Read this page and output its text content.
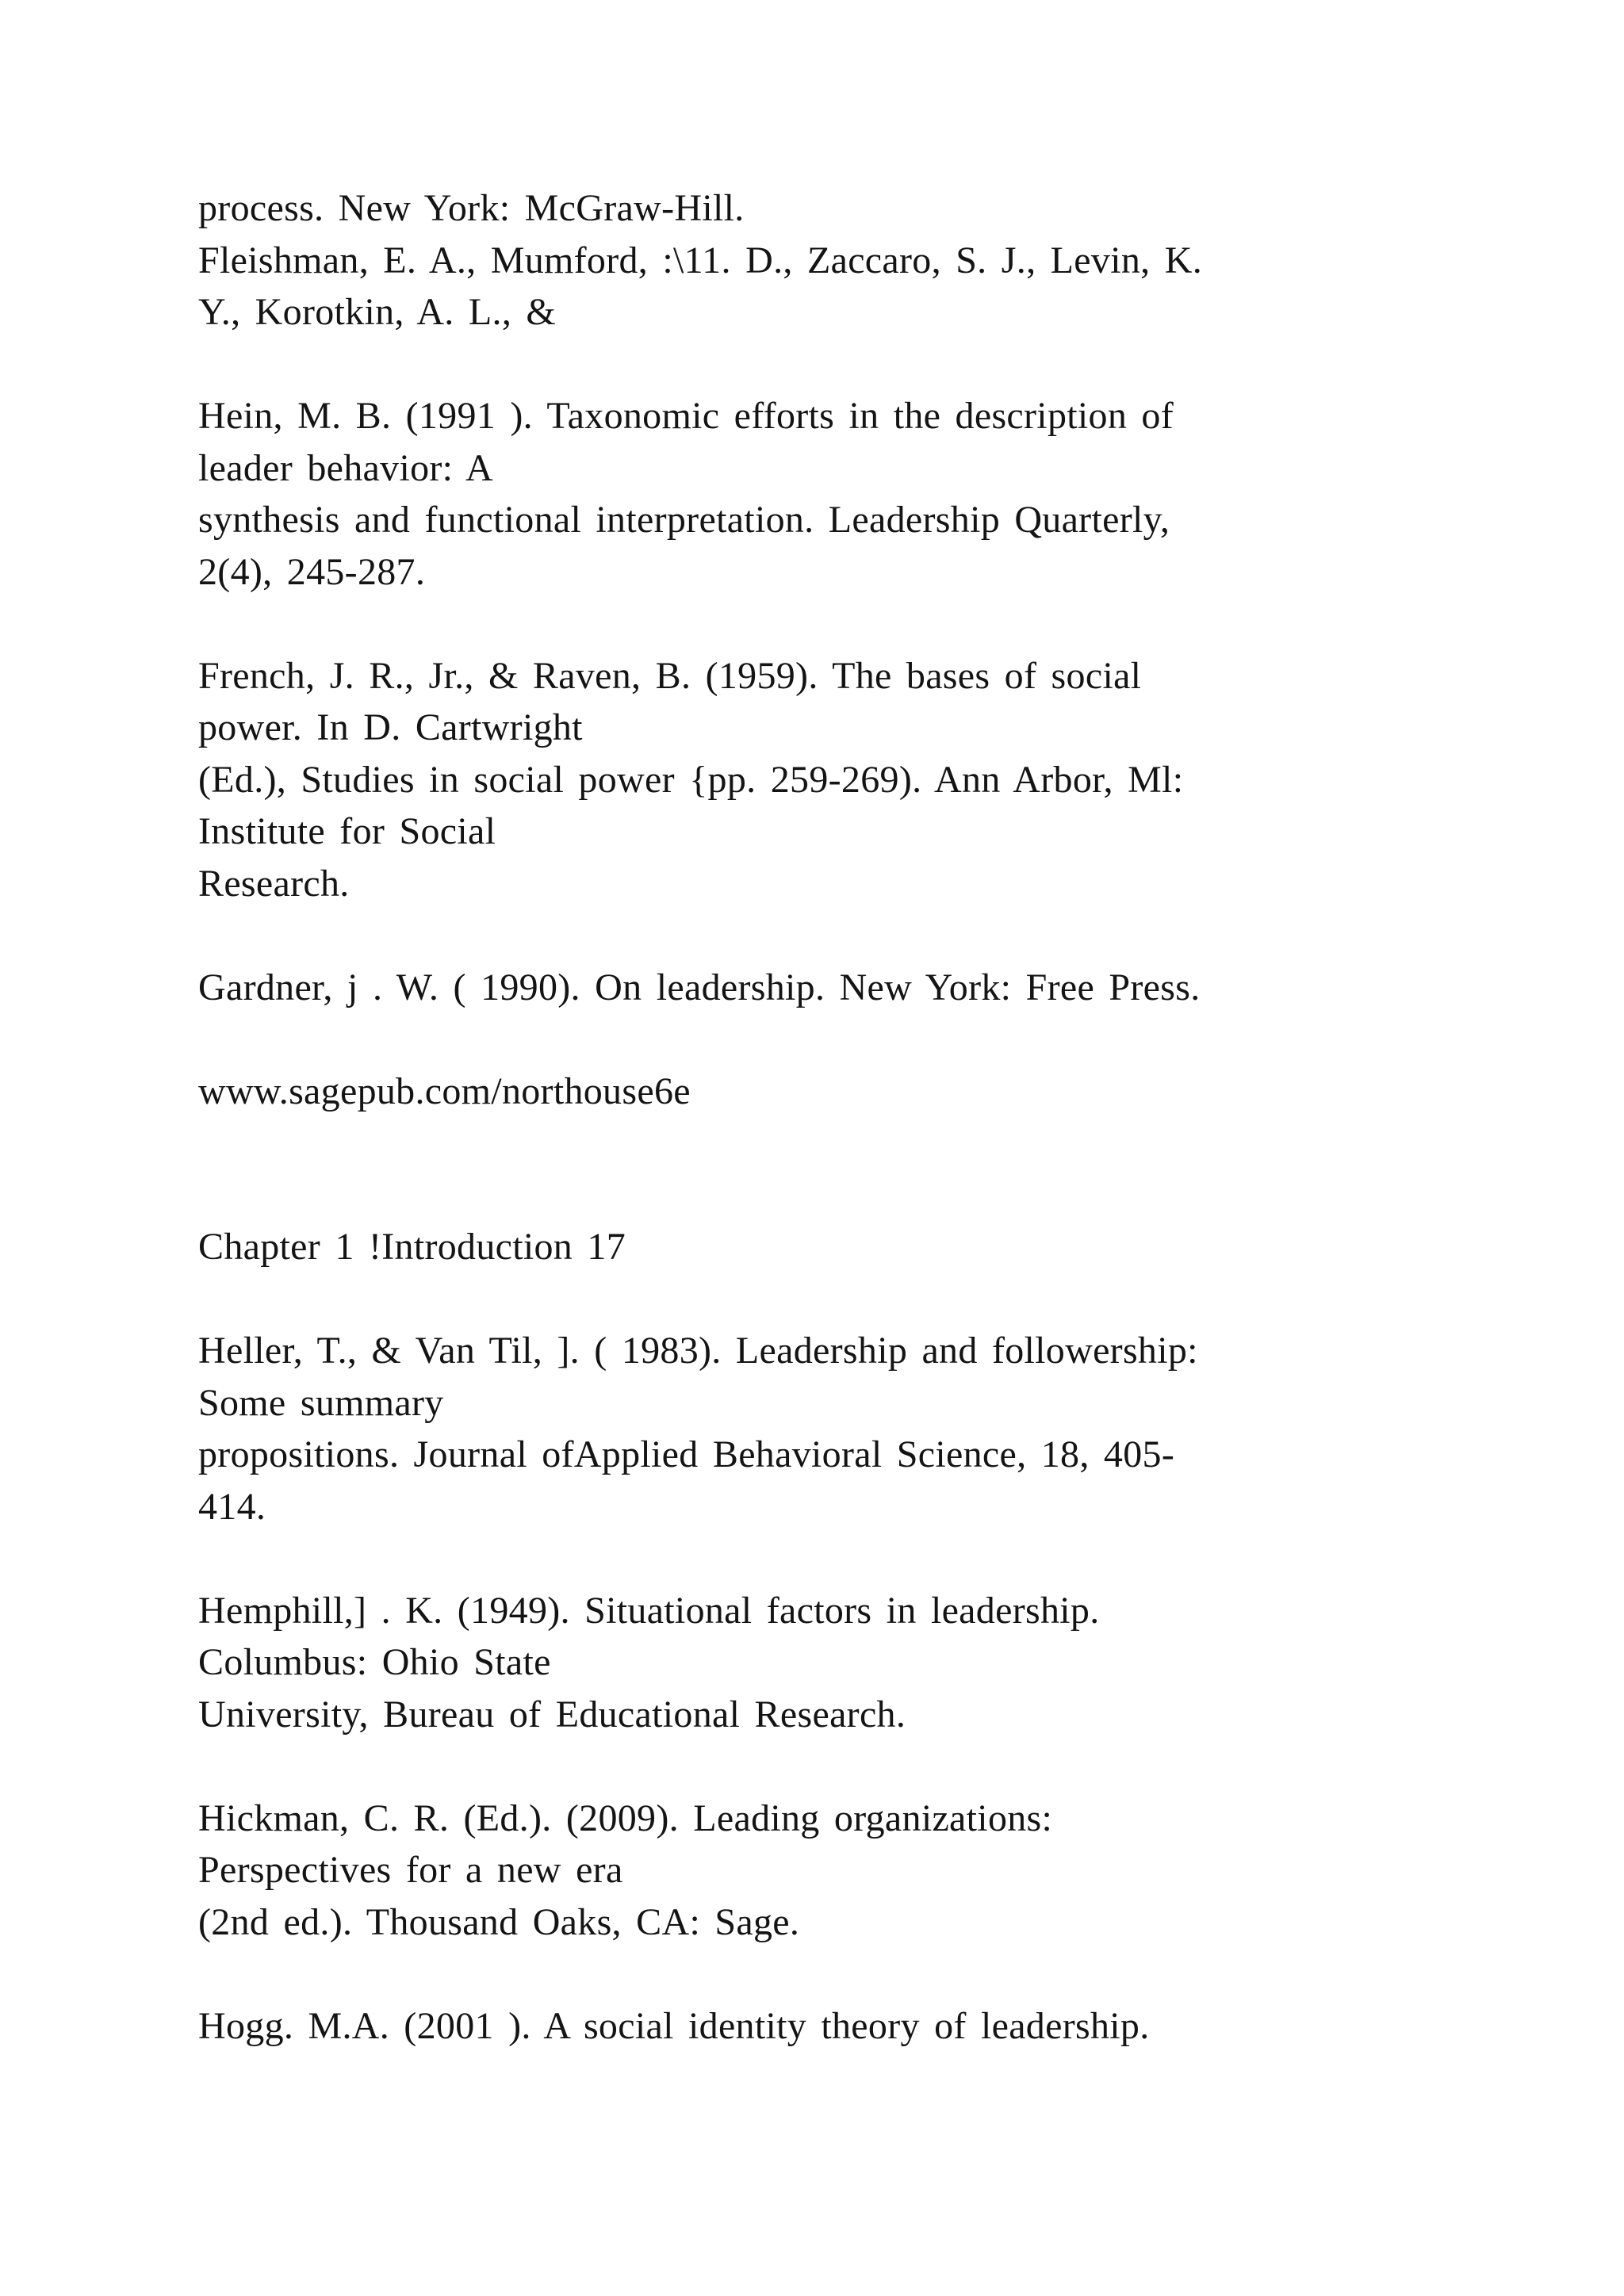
process. New York: McGraw-Hill.
Fleishman, E. A., Mumford, :\11. D., Zaccaro, S. J., Levin, K.
Y., Korotkin, A. L., &
Hein, M. B. (1991 ). Taxonomic efforts in the description of
leader behavior: A
synthesis and functional interpretation. Leadership Quarterly,
2(4), 245-287.
French, J. R., Jr., & Raven, B. (1959). The bases of social
power. In D. Cartwright
(Ed.), Studies in social power {pp. 259-269). Ann Arbor, Ml:
Institute for Social
Research.
Gardner, j . W. ( 1990). On leadership. New York: Free Press.
www.sagepub.com/northouse6e
Chapter 1 !Introduction 17
Heller, T., & Van Til, ]. ( 1983). Leadership and followership:
Some summary
propositions. Journal ofApplied Behavioral Science, 18, 405-
414.
Hemphill,] . K. (1949). Situational factors in leadership.
Columbus: Ohio State
University, Bureau of Educational Research.
Hickman, C. R. (Ed.). (2009). Leading organizations:
Perspectives for a new era
(2nd ed.). Thousand Oaks, CA: Sage.
Hogg. M.A. (2001 ). A social identity theory of leadership.
